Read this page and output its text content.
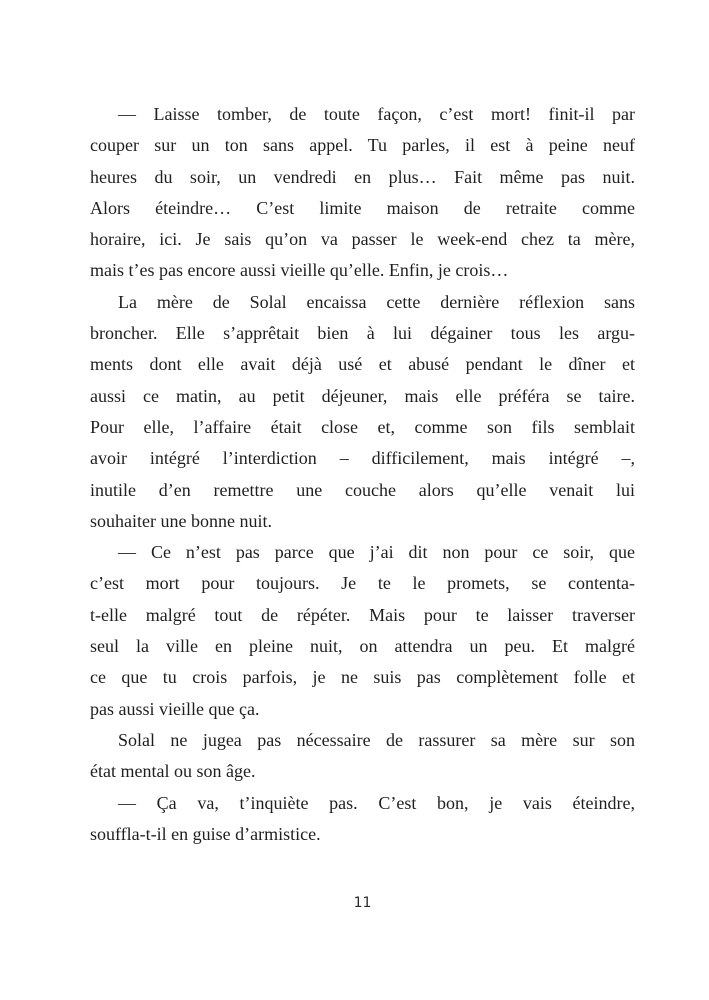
— Laisse tomber, de toute façon, c’est mort! finit-il par
couper sur un ton sans appel. Tu parles, il est à peine neuf
heures du soir, un vendredi en plus… Fait même pas nuit.
Alors éteindre… C’est limite maison de retraite comme
horaire, ici. Je sais qu’on va passer le week-end chez ta mère,
mais t’es pas encore aussi vieille qu’elle. Enfin, je crois…
La mère de Solal encaissa cette dernière réflexion sans
broncher. Elle s’apprêtait bien à lui dégainer tous les argu-
ments dont elle avait déjà usé et abusé pendant le dîner et
aussi ce matin, au petit déjeuner, mais elle préféra se taire.
Pour elle, l’affaire était close et, comme son fils semblait
avoir intégré l’interdiction – difficilement, mais intégré –,
inutile d’en remettre une couche alors qu’elle venait lui
souhaiter une bonne nuit.
— Ce n’est pas parce que j’ai dit non pour ce soir, que
c’est mort pour toujours. Je te le promets, se contenta-
t-elle malgré tout de répéter. Mais pour te laisser traverser
seul la ville en pleine nuit, on attendra un peu. Et malgré
ce que tu crois parfois, je ne suis pas complètement folle et
pas aussi vieille que ça.
Solal ne jugea pas nécessaire de rassurer sa mère sur son
état mental ou son âge.
— Ça va, t’inquiète pas. C’est bon, je vais éteindre,
souffla-t-il en guise d’armistice.
11
